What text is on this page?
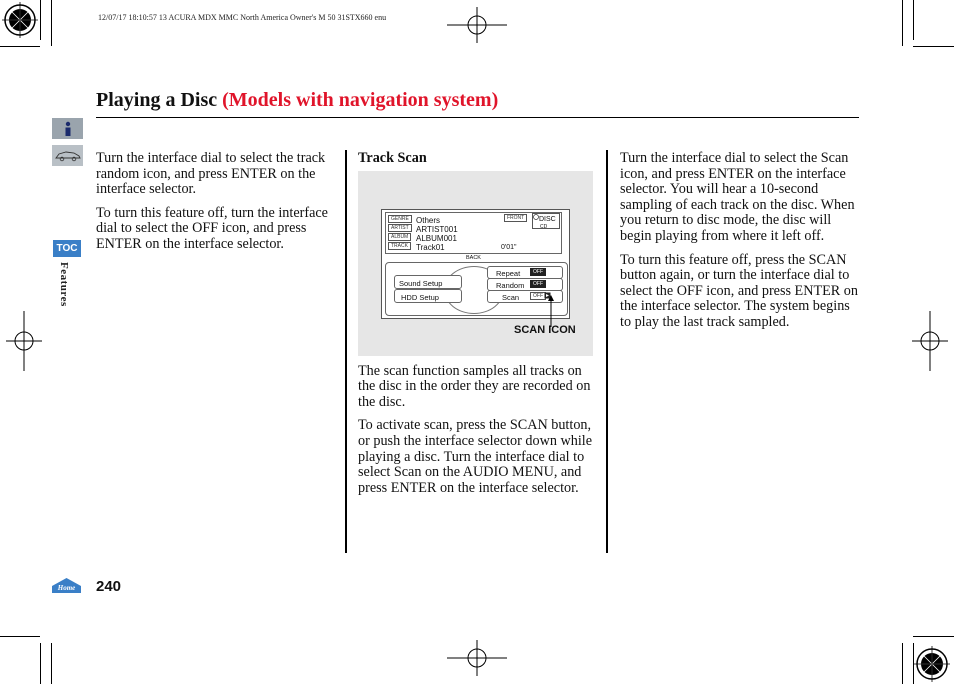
12/07/17 18:10:57 13 ACURA MDX MMC North America Owner's M 50 31STX660 enu
Playing a Disc (Models with navigation system)
TOC
Features

Turn the interface dial to select the track random icon, and press ENTER on the interface selector.

To turn this feature off, turn the interface dial to select the OFF icon, and press ENTER on the interface selector.

Track Scan

GENRE Others
ARTIST ARTIST001
ALBUM ALBUM001
TRACK	Track01
FRONT	DISC
CD
0'01"
BACK
Sound Setup
HDD Setup
Repeat	OFF
Random	OFF
Scan	OFF
SCAN ICON

The scan function samples all tracks on the disc in the order they are recorded on the disc.

To activate scan, press the SCAN button, or push the interface selector down while playing a disc. Turn the interface dial to select Scan on the AUDIO MENU, and press ENTER on the interface selector.

Turn the interface dial to select the Scan icon, and press ENTER on the interface selector. You will hear a 10-second sampling of each track on the disc. When you return to disc mode, the disc will begin playing from where it left off.

To turn this feature off, press the SCAN button again, or turn the interface dial to select the OFF icon, and press ENTER on the interface selector. The system begins to play the last track sampled.

Home 240
